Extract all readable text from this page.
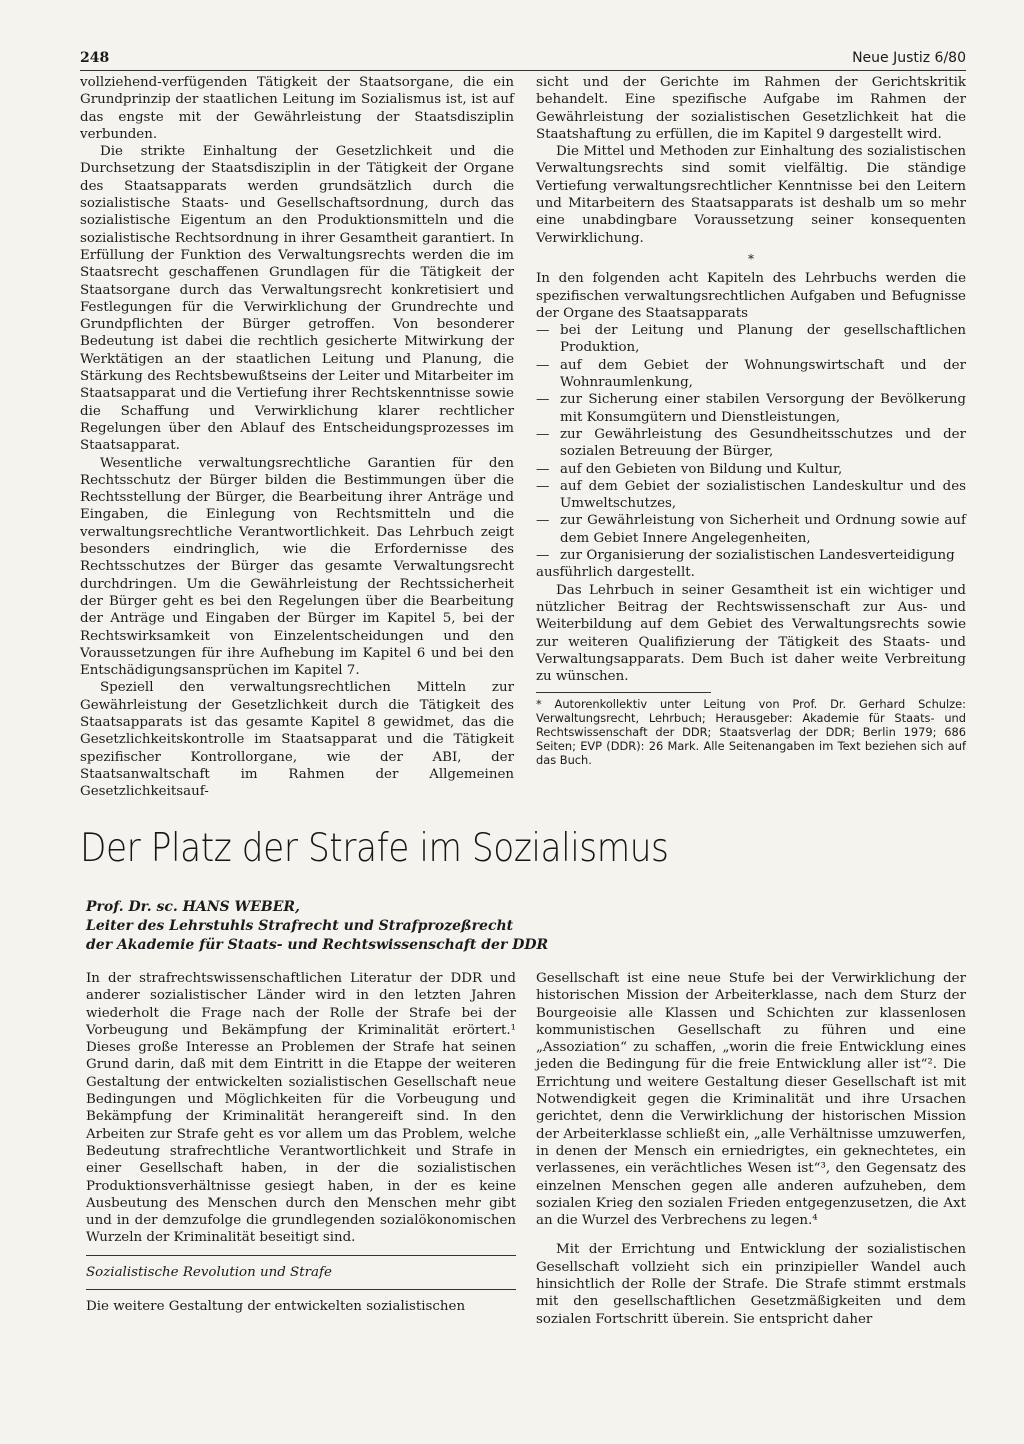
248	Neue Justiz 6/80

vollziehend-verfügenden Tätigkeit der Staatsorgane, die ein Grundprinzip der staatlichen Leitung im Sozialismus ist, ist auf das engste mit der Gewährleistung der Staatsdisziplin verbunden.

Die strikte Einhaltung der Gesetzlichkeit und die Durchsetzung der Staatsdisziplin in der Tätigkeit der Organe des Staatsapparats werden grundsätzlich durch die sozialistische Staats- und Gesellschaftsordnung, durch das sozialistische Eigentum an den Produktionsmitteln und die sozialistische Rechtsordnung in ihrer Gesamtheit garantiert. In Erfüllung der Funktion des Verwaltungsrechts werden die im Staatsrecht geschaffenen Grundlagen für die Tätigkeit der Staatsorgane durch das Verwaltungsrecht konkretisiert und Festlegungen für die Verwirklichung der Grundrechte und Grundpflichten der Bürger getroffen. Von besonderer Bedeutung ist dabei die rechtlich gesicherte Mitwirkung der Werktätigen an der staatlichen Leitung und Planung, die Stärkung des Rechtsbewußtseins der Leiter und Mitarbeiter im Staatsapparat und die Vertiefung ihrer Rechtskenntnisse sowie die Schaffung und Verwirklichung klarer rechtlicher Regelungen über den Ablauf des Entscheidungsprozesses im Staatsapparat.

Wesentliche verwaltungsrechtliche Garantien für den Rechtsschutz der Bürger bilden die Bestimmungen über die Rechtsstellung der Bürger, die Bearbeitung ihrer Anträge und Eingaben, die Einlegung von Rechtsmitteln und die verwaltungsrechtliche Verantwortlichkeit. Das Lehrbuch zeigt besonders eindringlich, wie die Erfordernisse des Rechtsschutzes der Bürger das gesamte Verwaltungsrecht durchdringen. Um die Gewährleistung der Rechtssicherheit der Bürger geht es bei den Regelungen über die Bearbeitung der Anträge und Eingaben der Bürger im Kapitel 5, bei der Rechtswirksamkeit von Einzelentscheidungen und den Voraussetzungen für ihre Aufhebung im Kapitel 6 und bei den Entschädigungsansprüchen im Kapitel 7.

Speziell den verwaltungsrechtlichen Mitteln zur Gewährleistung der Gesetzlichkeit durch die Tätigkeit des Staatsapparats ist das gesamte Kapitel 8 gewidmet, das die Gesetzlichkeitskontrolle im Staatsapparat und die Tätigkeit spezifischer Kontrollorgane, wie der ABI, der Staatsanwaltschaft im Rahmen der Allgemeinen Gesetzlichkeitsauf-

sicht und der Gerichte im Rahmen der Gerichtskritik behandelt. Eine spezifische Aufgabe im Rahmen der Gewährleistung der sozialistischen Gesetzlichkeit hat die Staatshaftung zu erfüllen, die im Kapitel 9 dargestellt wird.

Die Mittel und Methoden zur Einhaltung des sozialistischen Verwaltungsrechts sind somit vielfältig. Die ständige Vertiefung verwaltungsrechtlicher Kenntnisse bei den Leitern und Mitarbeitern des Staatsapparats ist deshalb um so mehr eine unabdingbare Voraussetzung seiner konsequenten Verwirklichung.

*

In den folgenden acht Kapiteln des Lehrbuchs werden die spezifischen verwaltungsrechtlichen Aufgaben und Befugnisse der Organe des Staatsapparats

— bei der Leitung und Planung der gesellschaftlichen Produktion,
— auf dem Gebiet der Wohnungswirtschaft und der Wohnraumlenkung,
— zur Sicherung einer stabilen Versorgung der Bevölkerung mit Konsumgütern und Dienstleistungen,
— zur Gewährleistung des Gesundheitsschutzes und der sozialen Betreuung der Bürger,
— auf den Gebieten von Bildung und Kultur,
— auf dem Gebiet der sozialistischen Landeskultur und des Umweltschutzes,
— zur Gewährleistung von Sicherheit und Ordnung sowie auf dem Gebiet Innere Angelegenheiten,
— zur Organisierung der sozialistischen Landesverteidigung

ausführlich dargestellt.

Das Lehrbuch in seiner Gesamtheit ist ein wichtiger und nützlicher Beitrag der Rechtswissenschaft zur Aus- und Weiterbildung auf dem Gebiet des Verwaltungsrechts sowie zur weiteren Qualifizierung der Tätigkeit des Staats- und Verwaltungsapparats. Dem Buch ist daher weite Verbreitung zu wünschen.

* Autorenkollektiv unter Leitung von Prof. Dr. Gerhard Schulze: Verwaltungsrecht, Lehrbuch; Herausgeber: Akademie für Staats- und Rechtswissenschaft der DDR; Staatsverlag der DDR; Berlin 1979; 686 Seiten; EVP (DDR): 26 Mark. Alle Seitenangaben im Text beziehen sich auf das Buch.
Der Platz der Strafe im Sozialismus
Prof. Dr. sc. HANS WEBER,
Leiter des Lehrstuhls Strafrecht und Strafprozeßrecht
der Akademie für Staats- und Rechtswissenschaft der DDR

In der strafrechtswissenschaftlichen Literatur der DDR und anderer sozialistischer Länder wird in den letzten Jahren wiederholt die Frage nach der Rolle der Strafe bei der Vorbeugung und Bekämpfung der Kriminalität erörtert.¹ Dieses große Interesse an Problemen der Strafe hat seinen Grund darin, daß mit dem Eintritt in die Etappe der weiteren Gestaltung der entwickelten sozialistischen Gesellschaft neue Bedingungen und Möglichkeiten für die Vorbeugung und Bekämpfung der Kriminalität herangereift sind. In den Arbeiten zur Strafe geht es vor allem um das Problem, welche Bedeutung strafrechtliche Verantwortlichkeit und Strafe in einer Gesellschaft haben, in der die sozialistischen Produktionsverhältnisse gesiegt haben, in der es keine Ausbeutung des Menschen durch den Menschen mehr gibt und in der demzufolge die grundlegenden sozialökonomischen Wurzeln der Kriminalität beseitigt sind.

Sozialistische Revolution und Strafe

Die weitere Gestaltung der entwickelten sozialistischen

Gesellschaft ist eine neue Stufe bei der Verwirklichung der historischen Mission der Arbeiterklasse, nach dem Sturz der Bourgeoisie alle Klassen und Schichten zur klassenlosen kommunistischen Gesellschaft zu führen und eine „Assoziation“ zu schaffen, „worin die freie Entwicklung eines jeden die Bedingung für die freie Entwicklung aller ist“². Die Errichtung und weitere Gestaltung dieser Gesellschaft ist mit Notwendigkeit gegen die Kriminalität und ihre Ursachen gerichtet, denn die Verwirklichung der historischen Mission der Arbeiterklasse schließt ein, „alle Verhältnisse umzuwerfen, in denen der Mensch ein erniedrigtes, ein geknechtetes, ein verlassenes, ein verächtliches Wesen ist“³, den Gegensatz des einzelnen Menschen gegen alle anderen aufzuheben, dem sozialen Krieg den sozialen Frieden entgegenzusetzen, die Axt an die Wurzel des Verbrechens zu legen.⁴

Mit der Errichtung und Entwicklung der sozialistischen Gesellschaft vollzieht sich ein prinzipieller Wandel auch hinsichtlich der Rolle der Strafe. Die Strafe stimmt erstmals mit den gesellschaftlichen Gesetzmäßigkeiten und dem sozialen Fortschritt überein. Sie entspricht daher
